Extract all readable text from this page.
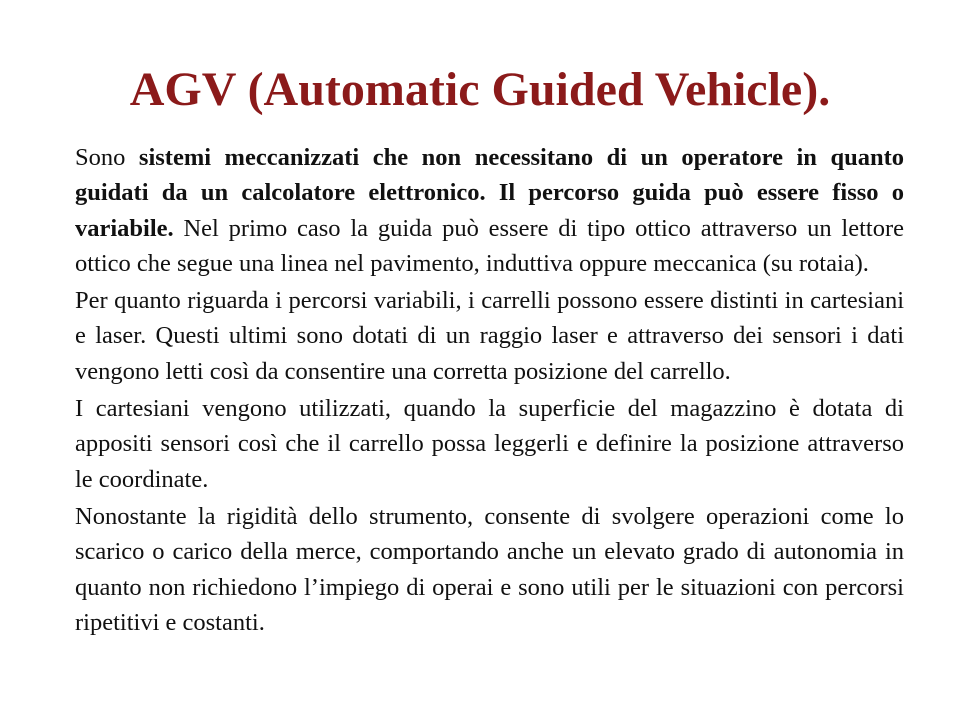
AGV (Automatic Guided Vehicle).

Sono sistemi meccanizzati che non necessitano di un operatore in quanto guidati da un calcolatore elettronico. Il percorso guida può essere fisso o variabile. Nel primo caso la guida può essere di tipo ottico attraverso un lettore ottico che segue una linea nel pavimento, induttiva oppure meccanica (su rotaia).

Per quanto riguarda i percorsi variabili, i carrelli possono essere distinti in cartesiani e laser. Questi ultimi sono dotati di un raggio laser e attraverso dei sensori i dati vengono letti così da consentire una corretta posizione del carrello.

I cartesiani vengono utilizzati, quando la superficie del magazzino è dotata di appositi sensori così che il carrello possa leggerli e definire la posizione attraverso le coordinate.

Nonostante la rigidità dello strumento, consente di svolgere operazioni come lo scarico o carico della merce, comportando anche un elevato grado di autonomia in quanto non richiedono l’impiego di operai e sono utili per le situazioni con percorsi ripetitivi e costanti.
